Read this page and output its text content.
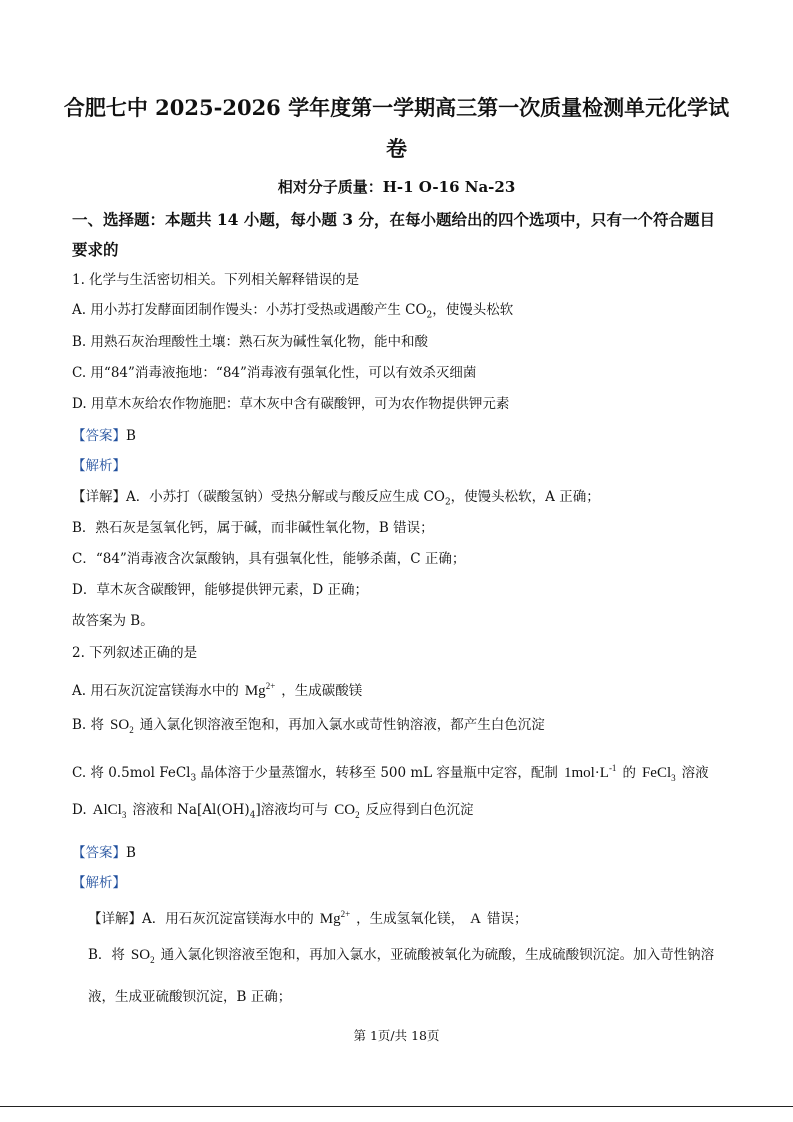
合肥七中 2025-2026 学年度第一学期高三第一次质量检测单元化学试
卷
相对分子质量：H-1 O-16 Na-23
一、选择题：本题共 14 小题，每小题 3 分，在每小题给出的四个选项中，只有一个符合题目
要求的
1. 化学与生活密切相关。下列相关解释错误的是
A. 用小苏打发酵面团制作馒头：小苏打受热或遇酸产生 $CO_2$，使馒头松软
B. 用熟石灰治理酸性土壤：熟石灰为碱性氧化物，能中和酸
C. 用“84”消毒液拖地：“84”消毒液有强氧化性，可以有效杀灭细菌
D. 用草木灰给农作物施肥：草木灰中含有碳酸钾，可为农作物提供钾元素
【答案】B
【解析】
【详解】A．小苏打（碳酸氢钠）受热分解或与酸反应生成 $CO_2$，使馒头松软，A 正确；
B．熟石灰是氢氧化钙，属于碱，而非碱性氧化物，B 错误；
C．“84”消毒液含次氯酸钠，具有强氧化性，能够杀菌，C 正确；
D．草木灰含碳酸钾，能够提供钾元素，D 正确；
故答案为 B。
2. 下列叙述正确的是
A. 用石灰沉淀富镁海水中的 $Mg^{2+}$ ，生成碳酸镁
B. 将 $SO_2$ 通入氯化钡溶液至饱和，再加入氯水或苛性钠溶液，都产生白色沉淀
C. 将 0.5mol FeCl$_3$ 晶体溶于少量蒸馏水，转移至 500 mL 容量瓶中定容，配制 $1mol\cdot L^{-1}$ 的 FeCl$_3$ 溶液
D. AlCl$_3$ 溶液和 $Na[Al(OH)_4]$溶液均可与 $CO_2$ 反应得到白色沉淀
【答案】B
【解析】
【详解】A．用石灰沉淀富镁海水中的 $Mg^{2+}$ ，生成氢氧化镁， A 错误；
B．将 $SO_2$ 通入氯化钡溶液至饱和，再加入氯水，亚硫酸被氧化为硫酸，生成硫酸钡沉淀。加入苛性钠溶
液，生成亚硫酸钡沉淀，B 正确；
第 1页/共 18页
